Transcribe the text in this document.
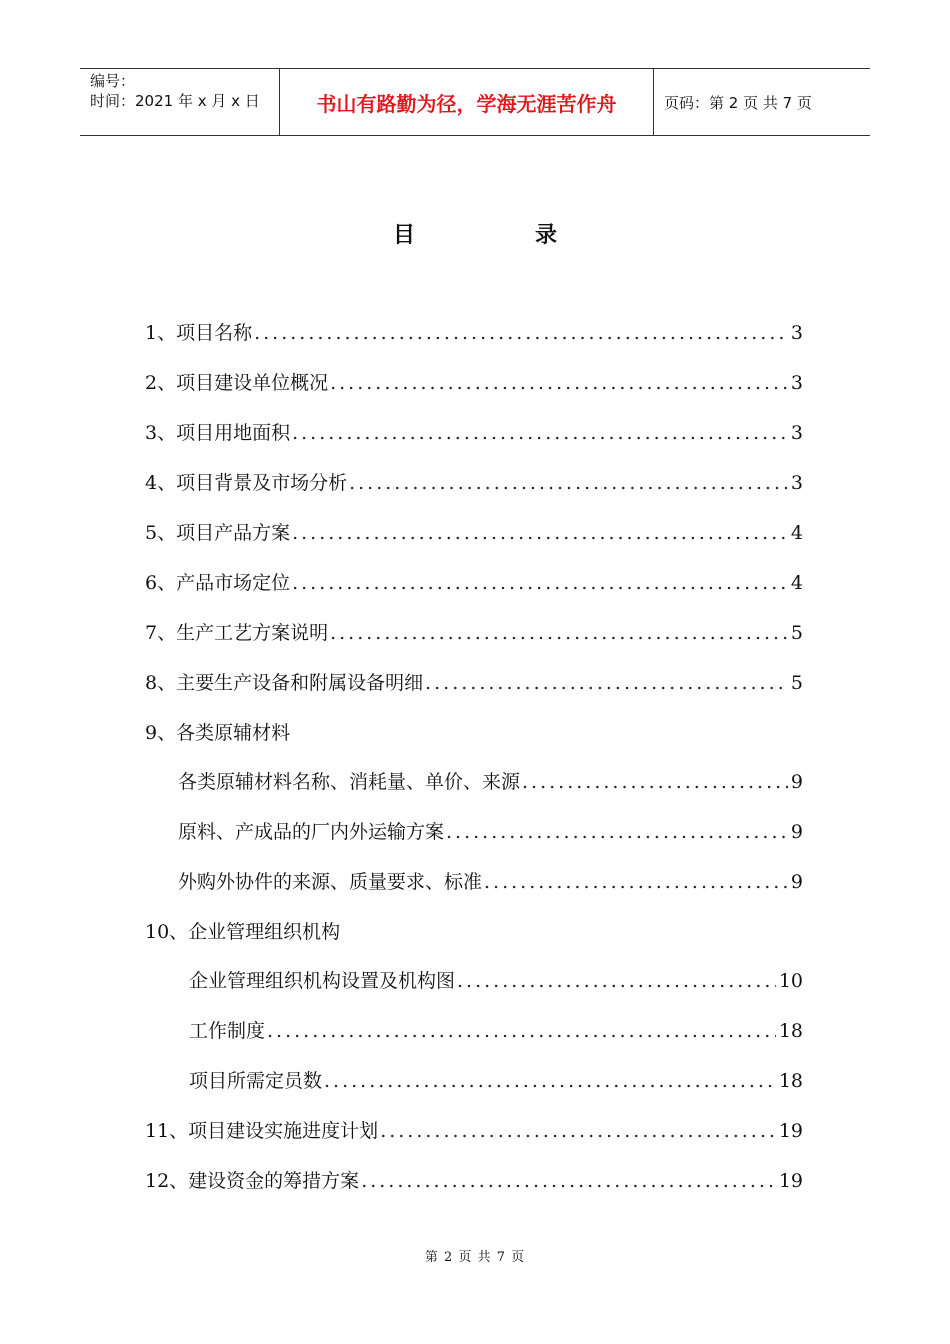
编号：
时间：2021 年 x 月 x 日	书山有路勤为径，学海无涯苦作舟	页码：第 2 页 共 7 页
目	录
1、项目名称 .....	3
2、项目建设单位概况 .....	3
3、项目用地面积 .....	3
4、项目背景及市场分析 .....	3
5、项目产品方案 .....	4
6、产品市场定位 .....	4
7、生产工艺方案说明 .....	5
8、主要生产设备和附属设备明细 .....	5
9、各类原辅材料
各类原辅材料名称、消耗量、单价、来源 .....	9
原料、产成品的厂内外运输方案 .....	9
外购外协件的来源、质量要求、标准 .....	9
10、企业管理组织机构
企业管理组织机构设置及机构图 .....	10
工作制度 .....	18
项目所需定员数 .....	18
11、项目建设实施进度计划 .....	19
12、建设资金的筹措方案 .....	19
第 2 页 共 7 页
